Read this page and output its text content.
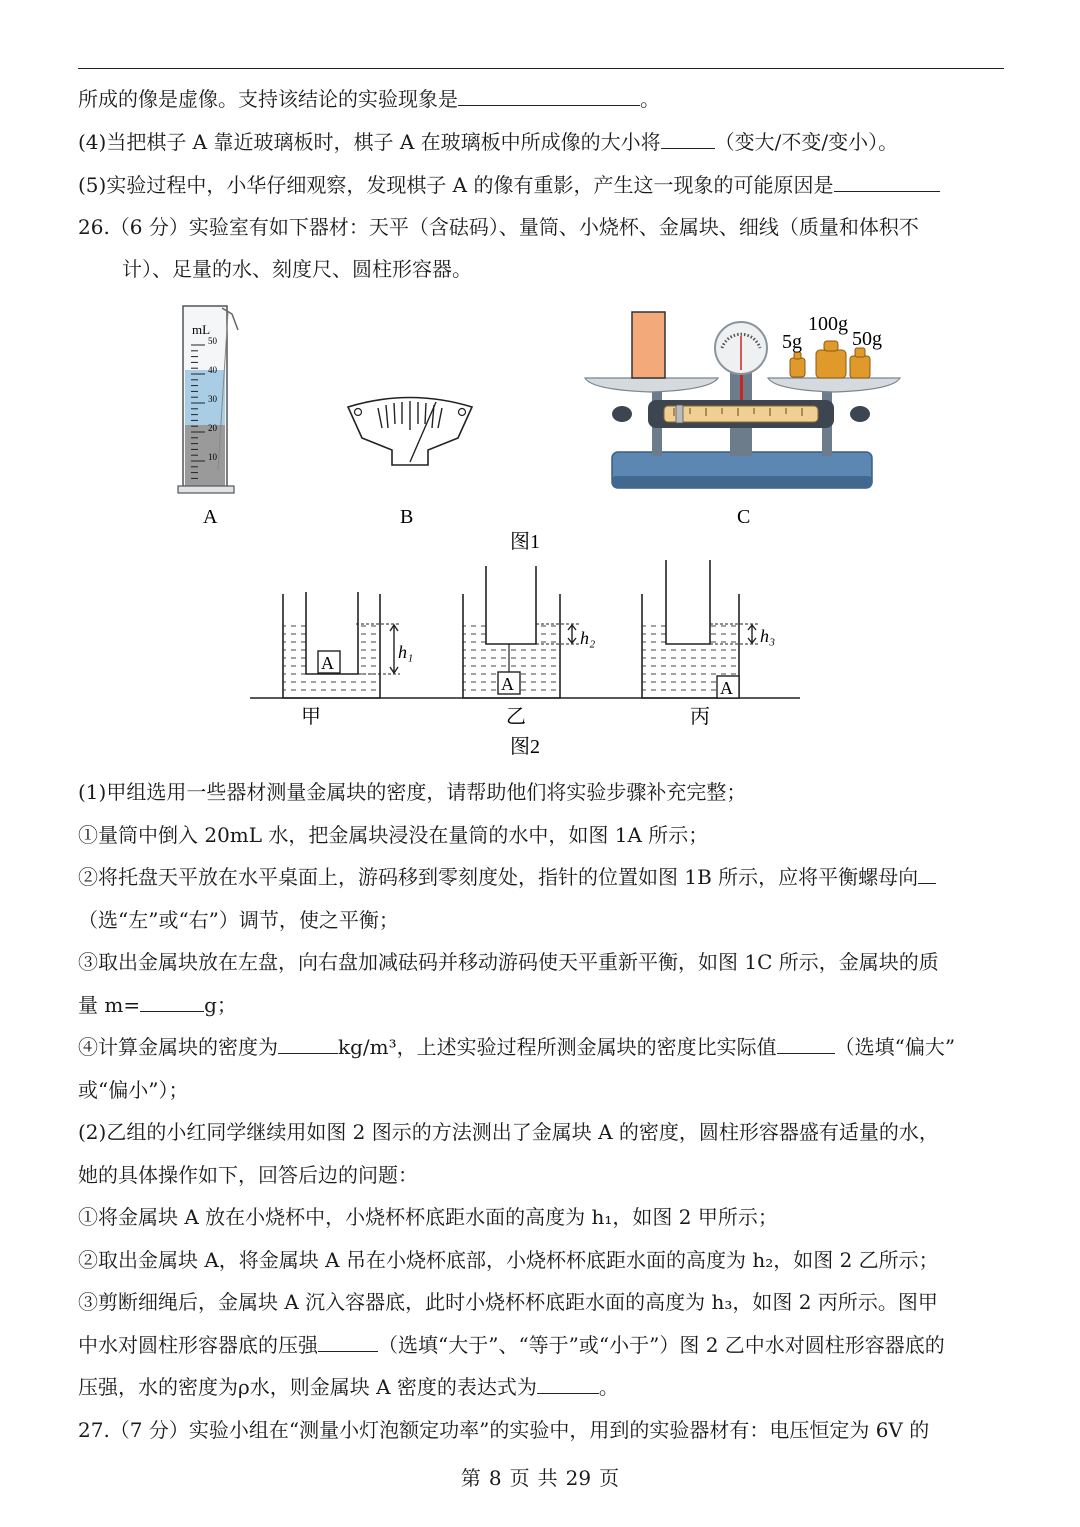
所成的像是虚像。支持该结论的实验现象是	。
(4)当把棋子 A 靠近玻璃板时，棋子 A 在玻璃板中所成像的大小将	（变大/不变/变小）。
(5)实验过程中，小华仔细观察，发现棋子 A 的像有重影，产生这一现象的可能原因是
26.（6 分）实验室有如下器材：天平（含砝码）、量筒、小烧杯、金属块、细线（质量和体积不
计）、足量的水、刻度尺、圆柱形容器。
mL
50
40
30
20
10
5g
100g
50g
A	B	C
图1
A
h₁
A
h₂
A
h₃
甲	乙	丙
图2
(1)甲组选用一些器材测量金属块的密度，请帮助他们将实验步骤补充完整；
①量筒中倒入 20mL 水，把金属块浸没在量筒的水中，如图 1A 所示；
②将托盘天平放在水平桌面上，游码移到零刻度处，指针的位置如图 1B 所示，应将平衡螺母向
（选“左”或“右”）调节，使之平衡；
③取出金属块放在左盘，向右盘加减砝码并移动游码使天平重新平衡，如图 1C 所示，金属块的质
量 m=	g；
④计算金属块的密度为	kg/m³，上述实验过程所测金属块的密度比实际值	（选填“偏大”
或“偏小”）；
(2)乙组的小红同学继续用如图 2 图示的方法测出了金属块 A 的密度，圆柱形容器盛有适量的水，
她的具体操作如下，回答后边的问题：
①将金属块 A 放在小烧杯中，小烧杯杯底距水面的高度为 h₁，如图 2 甲所示；
②取出金属块 A，将金属块 A 吊在小烧杯底部，小烧杯杯底距水面的高度为 h₂，如图 2 乙所示；
③剪断细绳后，金属块 A 沉入容器底，此时小烧杯杯底距水面的高度为 h₃，如图 2 丙所示。图甲
中水对圆柱形容器底的压强	（选填“大于”、“等于”或“小于”）图 2 乙中水对圆柱形容器底的
压强，水的密度为ρ水，则金属块 A 密度的表达式为	。
27.（7 分）实验小组在“测量小灯泡额定功率”的实验中，用到的实验器材有：电压恒定为 6V 的
第 8 页 共 29 页
